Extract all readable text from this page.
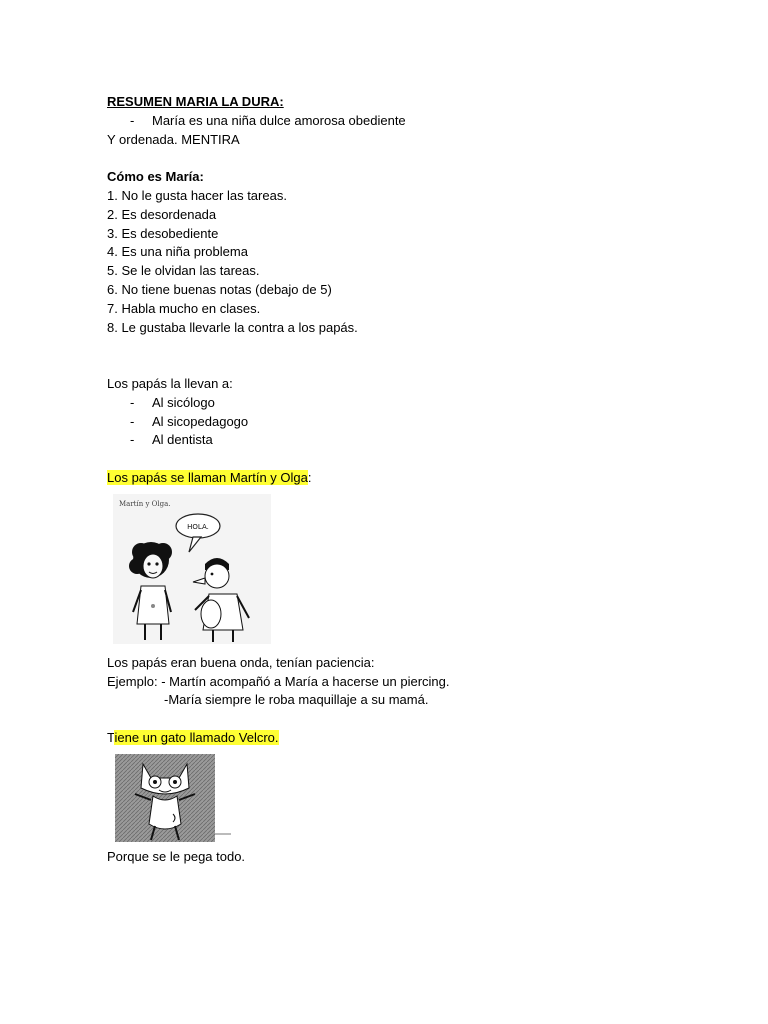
RESUMEN MARIA LA DURA:
-	María es una niña dulce amorosa obediente
Y ordenada. MENTIRA
Cómo es María:
1. No le gusta hacer las tareas.
2. Es desordenada
3. Es desobediente
4. Es una niña problema
5. Se le olvidan las tareas.
6. No tiene buenas notas (debajo de 5)
7. Habla mucho en clases.
8. Le gustaba llevarle la contra a los papás.
Los papás la llevan a:
-	Al sicólogo
-	Al sicopedagogo
-	Al dentista
Los papás se llaman Martín y Olga:
Martín y Olga.
HOLA.
Los papás eran buena onda, tenían paciencia:
Ejemplo: - Martín acompañó a María a hacerse un piercing.
-María siempre le roba maquillaje a su mamá.
Tiene un gato llamado Velcro.
Porque se le pega todo.
